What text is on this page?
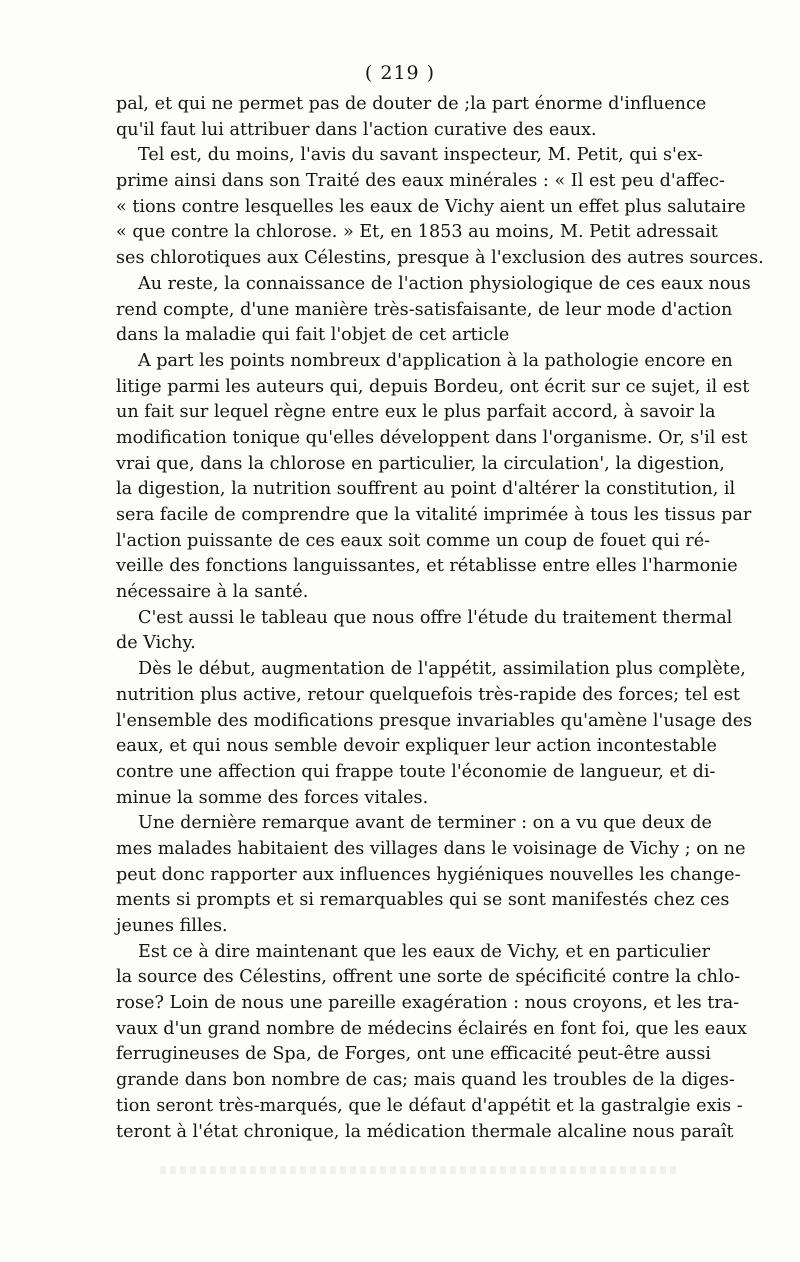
( 219 )
pal, et qui ne permet pas de douter de ;la part énorme d'influence
qu'il faut lui attribuer dans l'action curative des eaux.
Tel est, du moins, l'avis du savant inspecteur, M. Petit, qui s'ex-
prime ainsi dans son Traité des eaux minérales : « Il est peu d'affec-
« tions contre lesquelles les eaux de Vichy aient un effet plus salutaire
« que contre la chlorose. » Et, en 1853 au moins, M. Petit adressait
ses chlorotiques aux Célestins, presque à l'exclusion des autres sources.
Au reste, la connaissance de l'action physiologique de ces eaux nous
rend compte, d'une manière très-satisfaisante, de leur mode d'action
dans la maladie qui fait l'objet de cet article
A part les points nombreux d'application à la pathologie encore en
litige parmi les auteurs qui, depuis Bordeu, ont écrit sur ce sujet, il est
un fait sur lequel règne entre eux le plus parfait accord, à savoir la
modification tonique qu'elles développent dans l'organisme. Or, s'il est
vrai que, dans la chlorose en particulier, la circulation', la digestion,
la digestion, la nutrition souffrent au point d'altérer la constitution, il
sera facile de comprendre que la vitalité imprimée à tous les tissus par
l'action puissante de ces eaux soit comme un coup de fouet qui ré-
veille des fonctions languissantes, et rétablisse entre elles l'harmonie
nécessaire à la santé.
C'est aussi le tableau que nous offre l'étude du traitement thermal
de Vichy.
Dès le début, augmentation de l'appétit, assimilation plus complète,
nutrition plus active, retour quelquefois très-rapide des forces; tel est
l'ensemble des modifications presque invariables qu'amène l'usage des
eaux, et qui nous semble devoir expliquer leur action incontestable
contre une affection qui frappe toute l'économie de langueur, et di-
minue la somme des forces vitales.
Une dernière remarque avant de terminer : on a vu que deux de
mes malades habitaient des villages dans le voisinage de Vichy ; on ne
peut donc rapporter aux influences hygiéniques nouvelles les change-
ments si prompts et si remarquables qui se sont manifestés chez ces
jeunes filles.
Est ce à dire maintenant que les eaux de Vichy, et en particulier
la source des Célestins, offrent une sorte de spécificité contre la chlo-
rose? Loin de nous une pareille exagération : nous croyons, et les tra-
vaux d'un grand nombre de médecins éclairés en font foi, que les eaux
ferrugineuses de Spa, de Forges, ont une efficacité peut-être aussi
grande dans bon nombre de cas; mais quand les troubles de la diges-
tion seront très-marqués, que le défaut d'appétit et la gastralgie exis -
teront à l'état chronique, la médication thermale alcaline nous paraît
